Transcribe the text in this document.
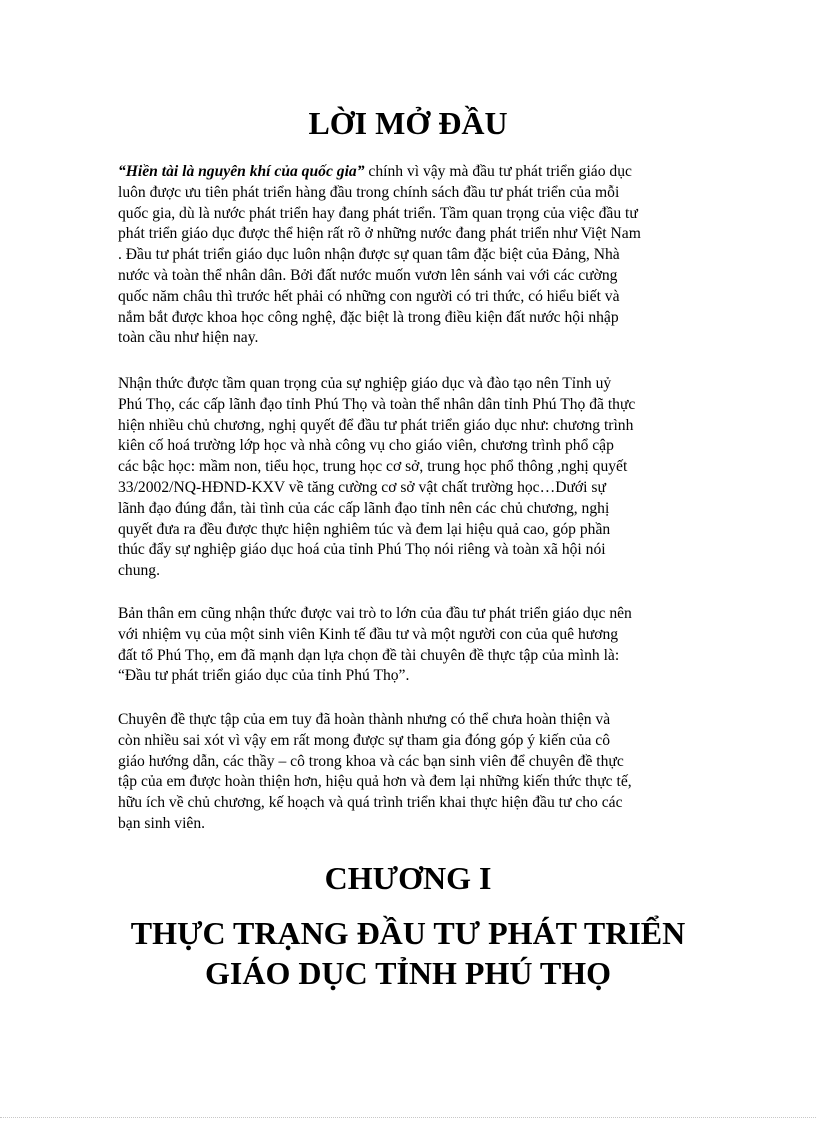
LỜI MỞ ĐẦU

“Hiền tài là nguyên khí của quốc gia” chính vì vậy mà đầu tư phát triển giáo dục
luôn được ưu tiên phát triển hàng đầu trong chính sách đầu tư phát triển của mỗi
quốc gia, dù là nước phát triển hay đang phát triển. Tầm quan trọng của việc đầu tư
phát triển giáo dục được thể hiện rất rõ ở những nước đang phát triển như Việt Nam
. Đầu tư phát triển giáo dục luôn nhận được sự quan tâm đặc biệt của Đảng, Nhà
nước và toàn thể nhân dân. Bởi đất nước muốn vươn lên sánh vai với các cường
quốc năm châu thì trước hết phải có những con người có tri thức, có hiểu biết và
nắm bắt được khoa học công nghệ, đặc biệt là trong điều kiện đất nước hội nhập
toàn cầu như hiện nay.

Nhận thức được tầm quan trọng của sự nghiệp giáo dục và đào tạo nên Tỉnh uỷ
Phú Thọ, các cấp lãnh đạo tỉnh Phú Thọ và toàn thể nhân dân tỉnh Phú Thọ đã thực
hiện nhiều chủ chương, nghị quyết để đầu tư phát triển giáo dục như: chương trình
kiên cố hoá trường lớp học và nhà công vụ cho giáo viên, chương trình phổ cập
các bậc học: mầm non, tiểu học, trung học cơ sở, trung học phổ thông ,nghị quyết
33/2002/NQ-HĐND-KXV về tăng cường cơ sở vật chất trường học…Dưới sự
lãnh đạo đúng đắn, tài tình của các cấp lãnh đạo tỉnh nên các chủ chương, nghị
quyết đưa ra đều được thực hiện nghiêm túc và đem lại hiệu quả cao, góp phần
thúc đẩy sự nghiệp giáo dục hoá của tỉnh Phú Thọ nói riêng và toàn xã hội nói
chung.

Bản thân em cũng nhận thức được vai trò to lớn của đầu tư phát triển giáo dục nên
với nhiệm vụ của một sinh viên Kinh tế đầu tư và một người con của quê hương
đất tổ Phú Thọ, em đã mạnh dạn lựa chọn đề tài chuyên đề thực tập của mình là:
“Đầu tư phát triển giáo dục của tỉnh Phú Thọ”.

Chuyên đề thực tập của em tuy đã hoàn thành nhưng có thể chưa hoàn thiện và
còn nhiều sai xót vì vậy em rất mong được sự tham gia đóng góp ý kiến của cô
giáo hướng dẫn, các thầy – cô trong khoa và các bạn sinh viên để chuyên đề thực
tập của em được hoàn thiện hơn, hiệu quả hơn và đem lại những kiến thức thực tế,
hữu ích về chủ chương, kế hoạch và quá trình triển khai thực hiện đầu tư cho các
bạn sinh viên.

CHƯƠNG I
THỰC TRẠNG ĐẦU TƯ PHÁT TRIỂN
GIÁO DỤC TỈNH PHÚ THỌ
